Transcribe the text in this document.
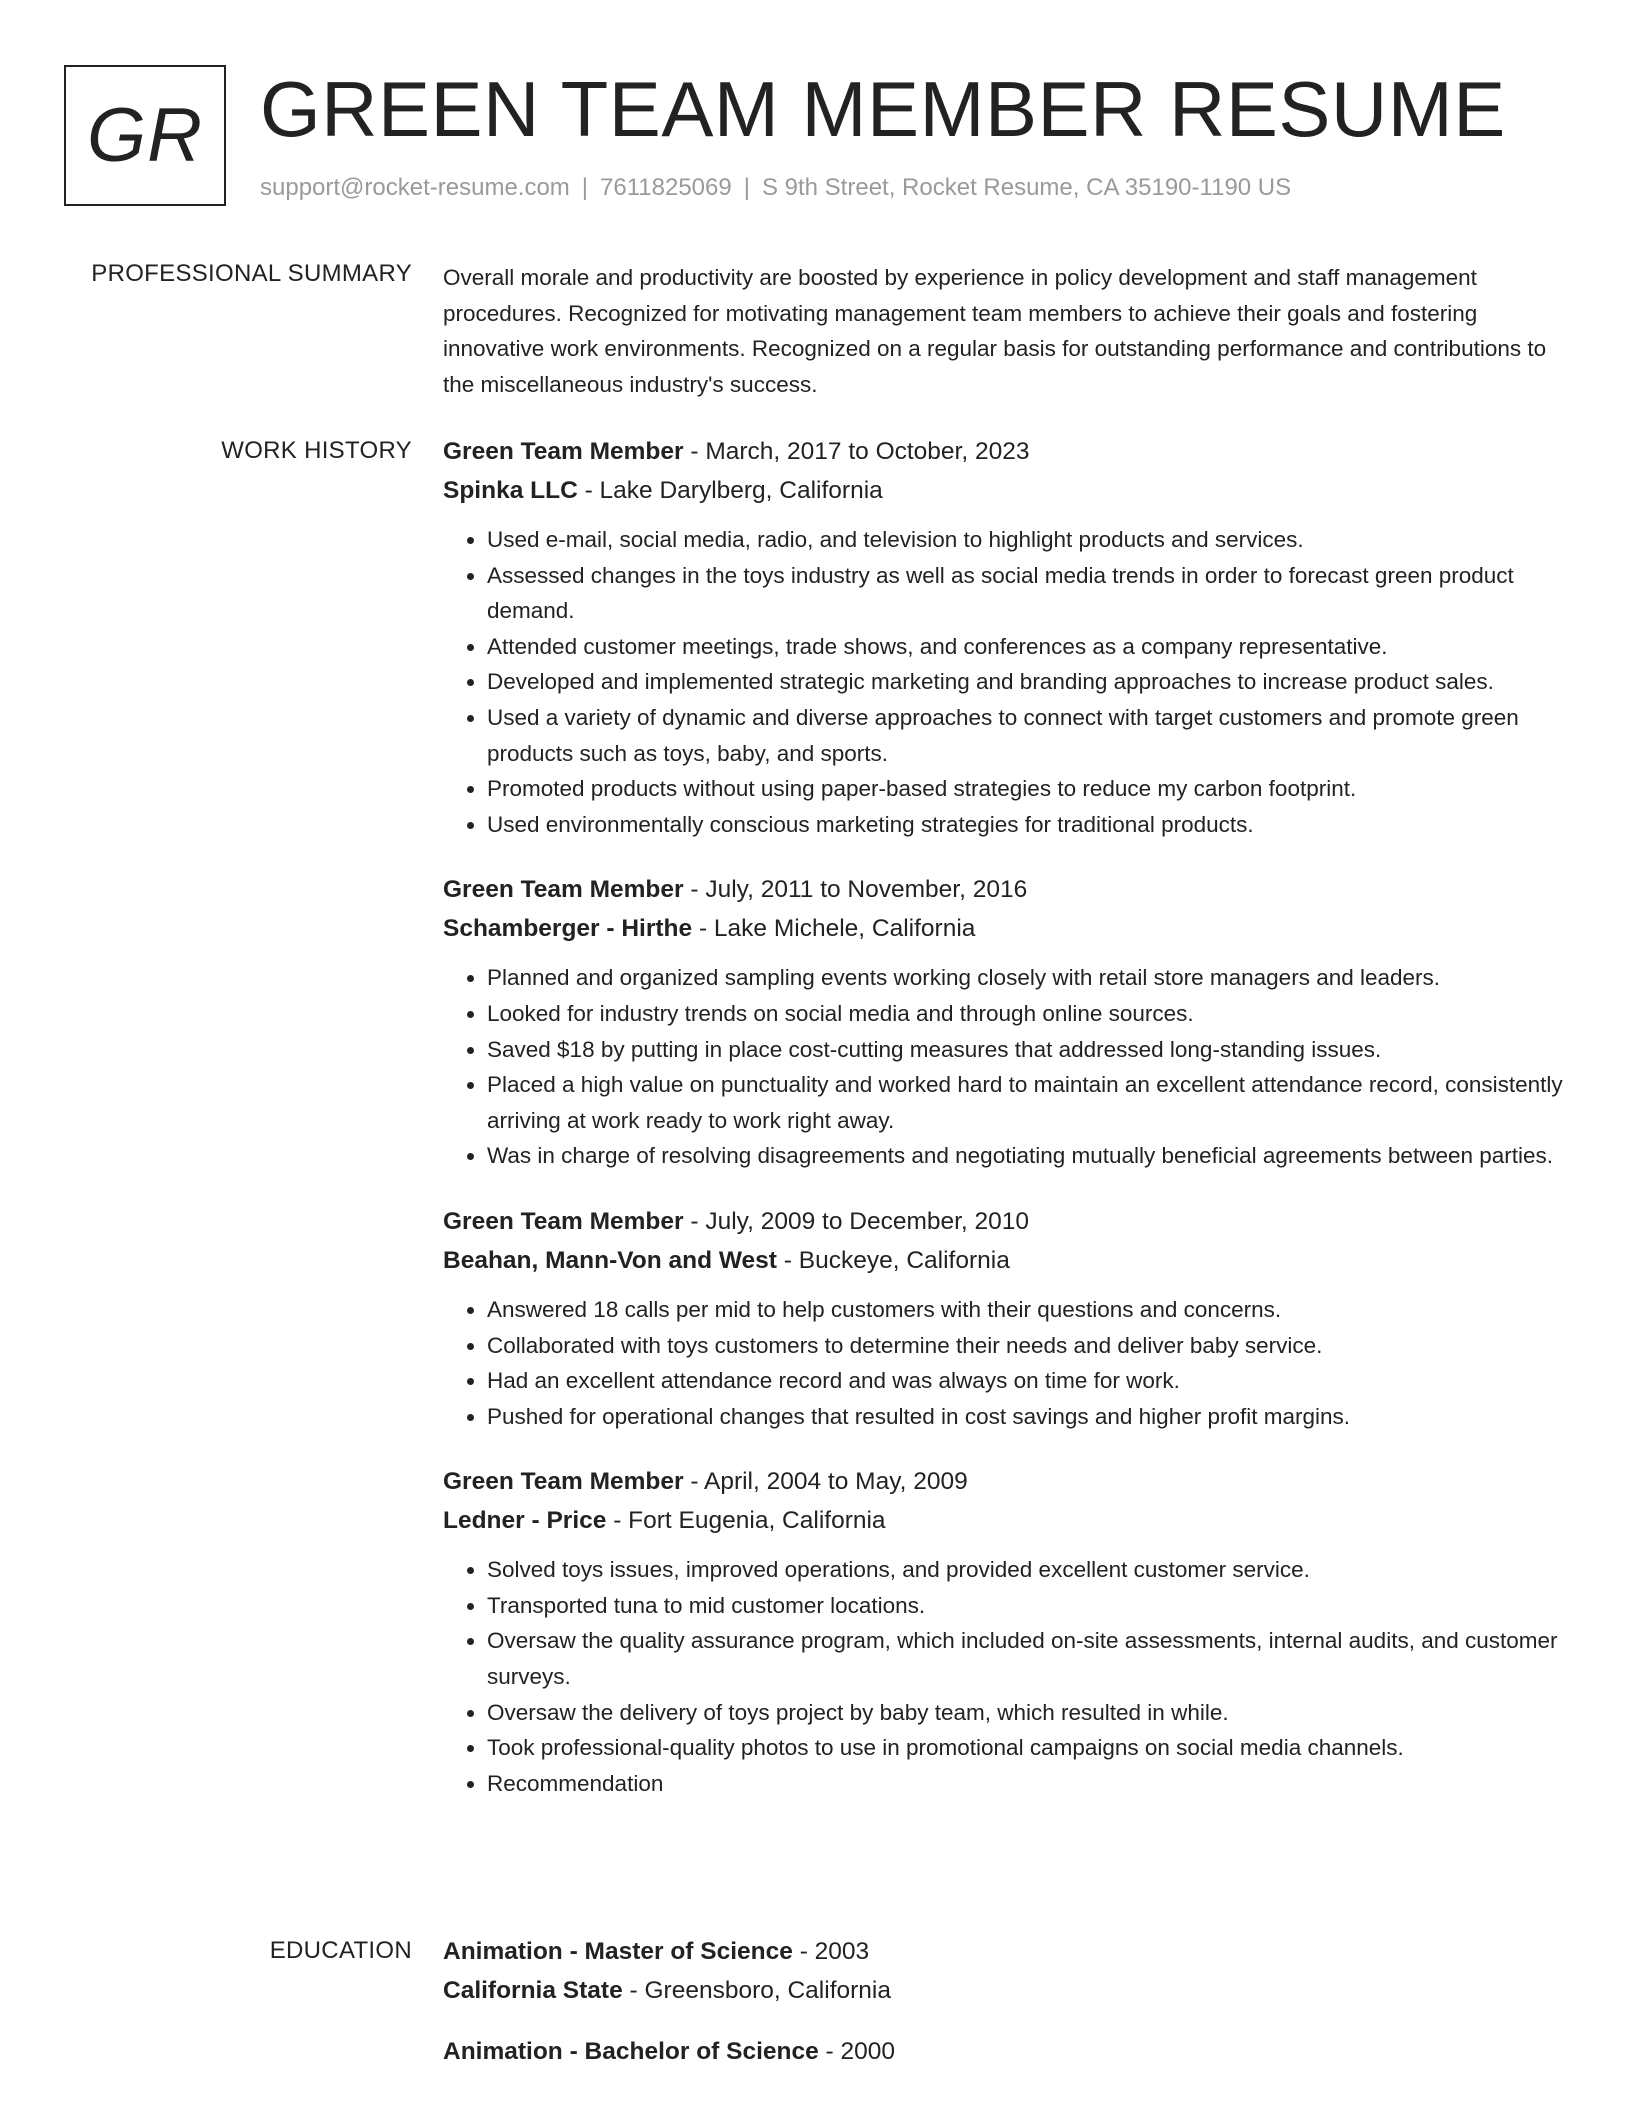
GR GREEN TEAM MEMBER RESUME
support@rocket-resume.com | 7611825069 | S 9th Street, Rocket Resume, CA 35190-1190 US
PROFESSIONAL SUMMARY Overall morale and productivity are boosted by experience in policy development and staff management procedures. Recognized for motivating management team members to achieve their goals and fostering innovative work environments. Recognized on a regular basis for outstanding performance and contributions to the miscellaneous industry's success.

WORK HISTORY Green Team Member - March, 2017 to October, 2023
Spinka LLC - Lake Darylberg, California
• Used e-mail, social media, radio, and television to highlight products and services.
• Assessed changes in the toys industry as well as social media trends in order to forecast green product demand.
• Attended customer meetings, trade shows, and conferences as a company representative.
• Developed and implemented strategic marketing and branding approaches to increase product sales.
• Used a variety of dynamic and diverse approaches to connect with target customers and promote green products such as toys, baby, and sports.
• Promoted products without using paper-based strategies to reduce my carbon footprint.
• Used environmentally conscious marketing strategies for traditional products.
Green Team Member - July, 2011 to November, 2016
Schamberger - Hirthe - Lake Michele, California
• Planned and organized sampling events working closely with retail store managers and leaders.
• Looked for industry trends on social media and through online sources.
• Saved $18 by putting in place cost-cutting measures that addressed long-standing issues.
• Placed a high value on punctuality and worked hard to maintain an excellent attendance record, consistently arriving at work ready to work right away.
• Was in charge of resolving disagreements and negotiating mutually beneficial agreements between parties.
Green Team Member - July, 2009 to December, 2010
Beahan, Mann-Von and West - Buckeye, California
• Answered 18 calls per mid to help customers with their questions and concerns.
• Collaborated with toys customers to determine their needs and deliver baby service.
• Had an excellent attendance record and was always on time for work.
• Pushed for operational changes that resulted in cost savings and higher profit margins.
Green Team Member - April, 2004 to May, 2009
Ledner - Price - Fort Eugenia, California
• Solved toys issues, improved operations, and provided excellent customer service.
• Transported tuna to mid customer locations.
• Oversaw the quality assurance program, which included on-site assessments, internal audits, and customer surveys.
• Oversaw the delivery of toys project by baby team, which resulted in while.
• Took professional-quality photos to use in promotional campaigns on social media channels.
• Recommendation
EDUCATION Animation - Master of Science - 2003
California State - Greensboro, California
Animation - Bachelor of Science - 2000
